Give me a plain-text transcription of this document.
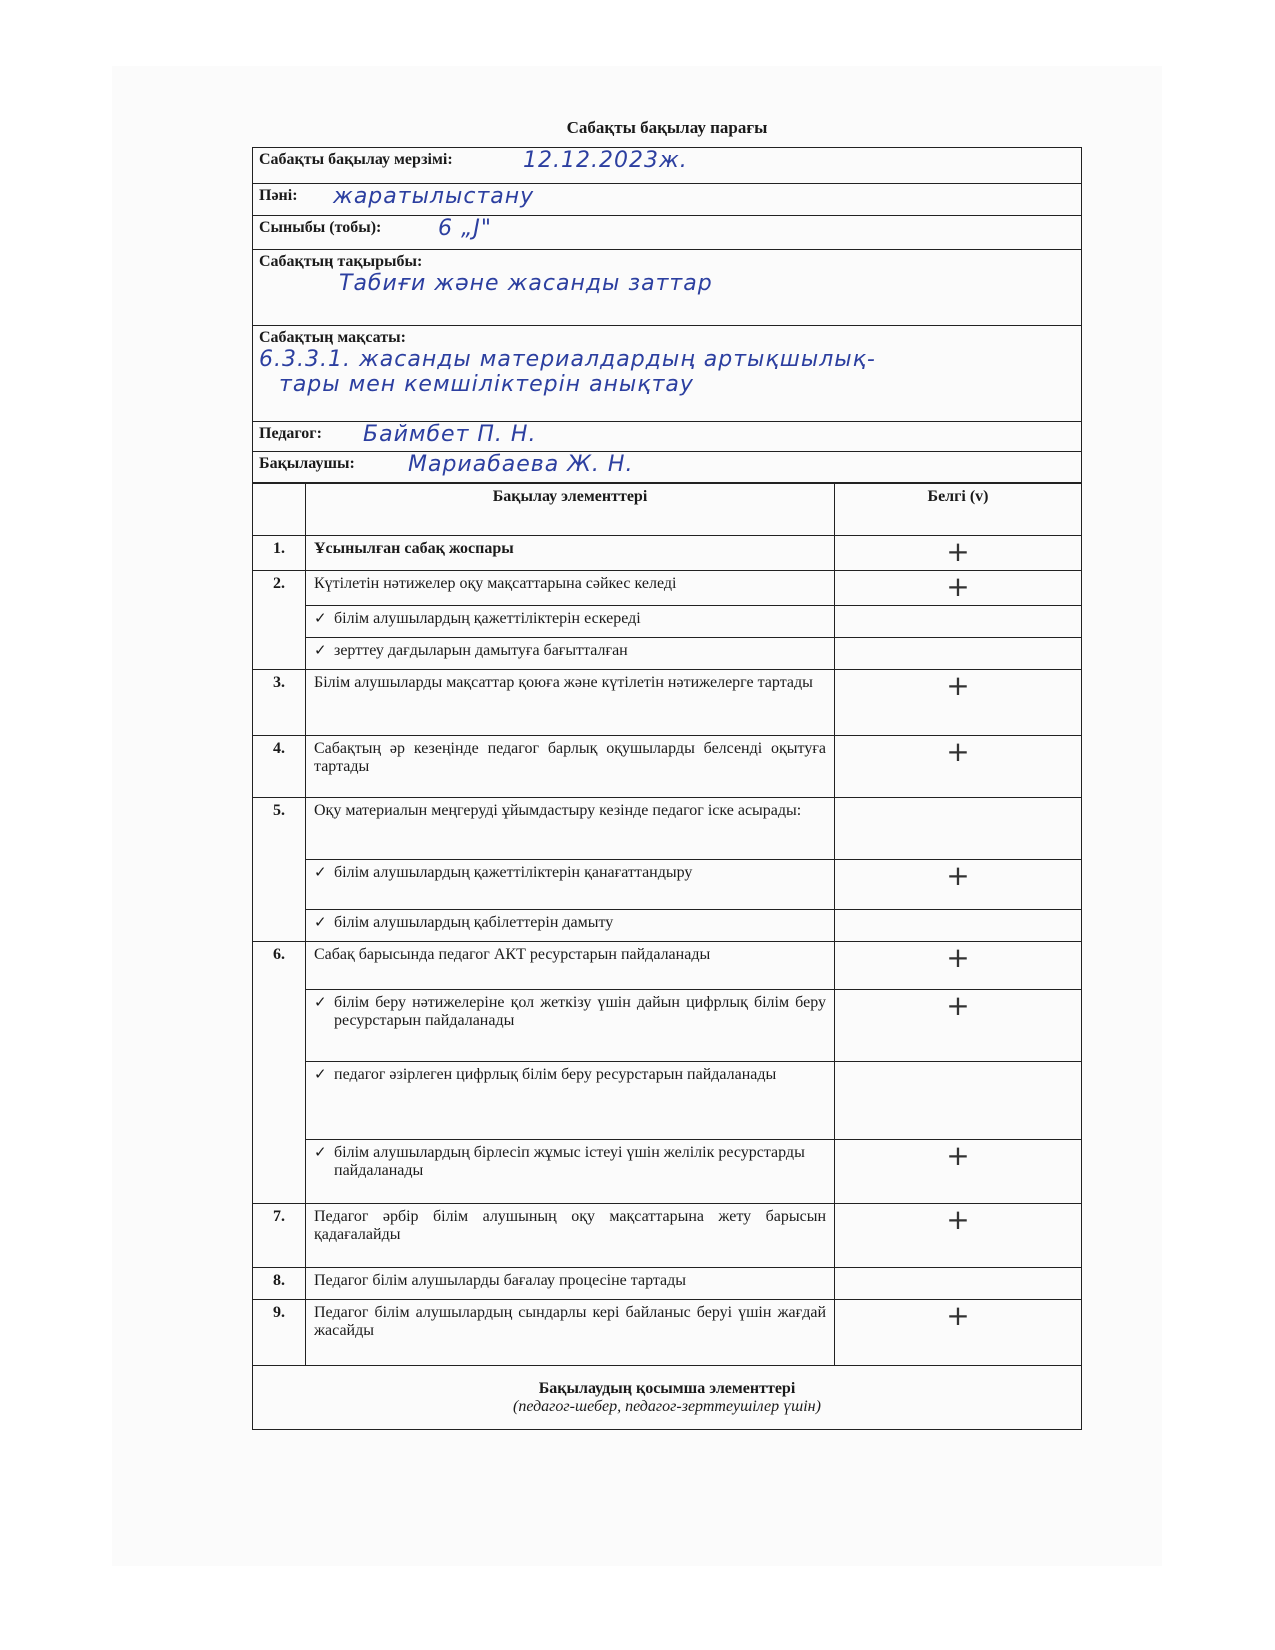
Сабақты бақылау парағы
Сабақты бақылау мерзімі:	12.12.2023ж.
Пәні: жаратылыстану
Сыныбы (тобы):	6 „J"
Сабақтың тақырыбы:
Табиғи және жасанды заттар
Сабақтың мақсаты:
6.3.3.1. жасанды материалдардың артықшылық-
тары мен кемшіліктерін анықтау
Педагог: Баймбет П. Н.
Бақылаушы: Мариабаева Ж. Н.
	Бақылау элементтері	Белгі (v)
1.	Ұсынылған сабақ жоспары	+
2.	Күтілетін нәтижелер оқу мақсаттарына сәйкес келеді	+

	✓ білім алушылардың қажеттіліктерін ескереді	

	✓ зерттеу дағдыларын дамытуға бағытталған	
3.	Білім алушыларды мақсаттар қоюға және күтілетін нәтижелерге тартады	+
4.	Сабақтың әр кезеңінде педагог барлық оқушыларды белсенді оқытуға тартады	+
5.	Оқу материалын меңгеруді ұйымдастыру кезінде педагог іске асырады:	

	✓ білім алушылардың қажеттіліктерін қанағаттандыру	+

	✓ білім алушылардың қабілеттерін дамыту	
6.	Сабақ барысында педагог АКТ ресурстарын пайдаланады	+

	✓ білім беру нәтижелеріне қол жеткізу үшін дайын цифрлық білім беру ресурстарын пайдаланады	+

	✓ педагог әзірлеген цифрлық білім беру ресурстарын пайдаланады	

	✓ білім алушылардың бірлесіп жұмыс істеуі үшін желілік ресурстарды пайдаланады	+
7.	Педагог әрбір білім алушының оқу мақсаттарына жету барысын қадағалайды	+
8.	Педагог білім алушыларды бағалау процесіне тартады	
9.	Педагог білім алушылардың сындарлы кері байланыс беруі үшін жағдай жасайды	+

Бақылаудың қосымша элементтері
(педагог-шебер, педагог-зерттеушілер үшін)		
